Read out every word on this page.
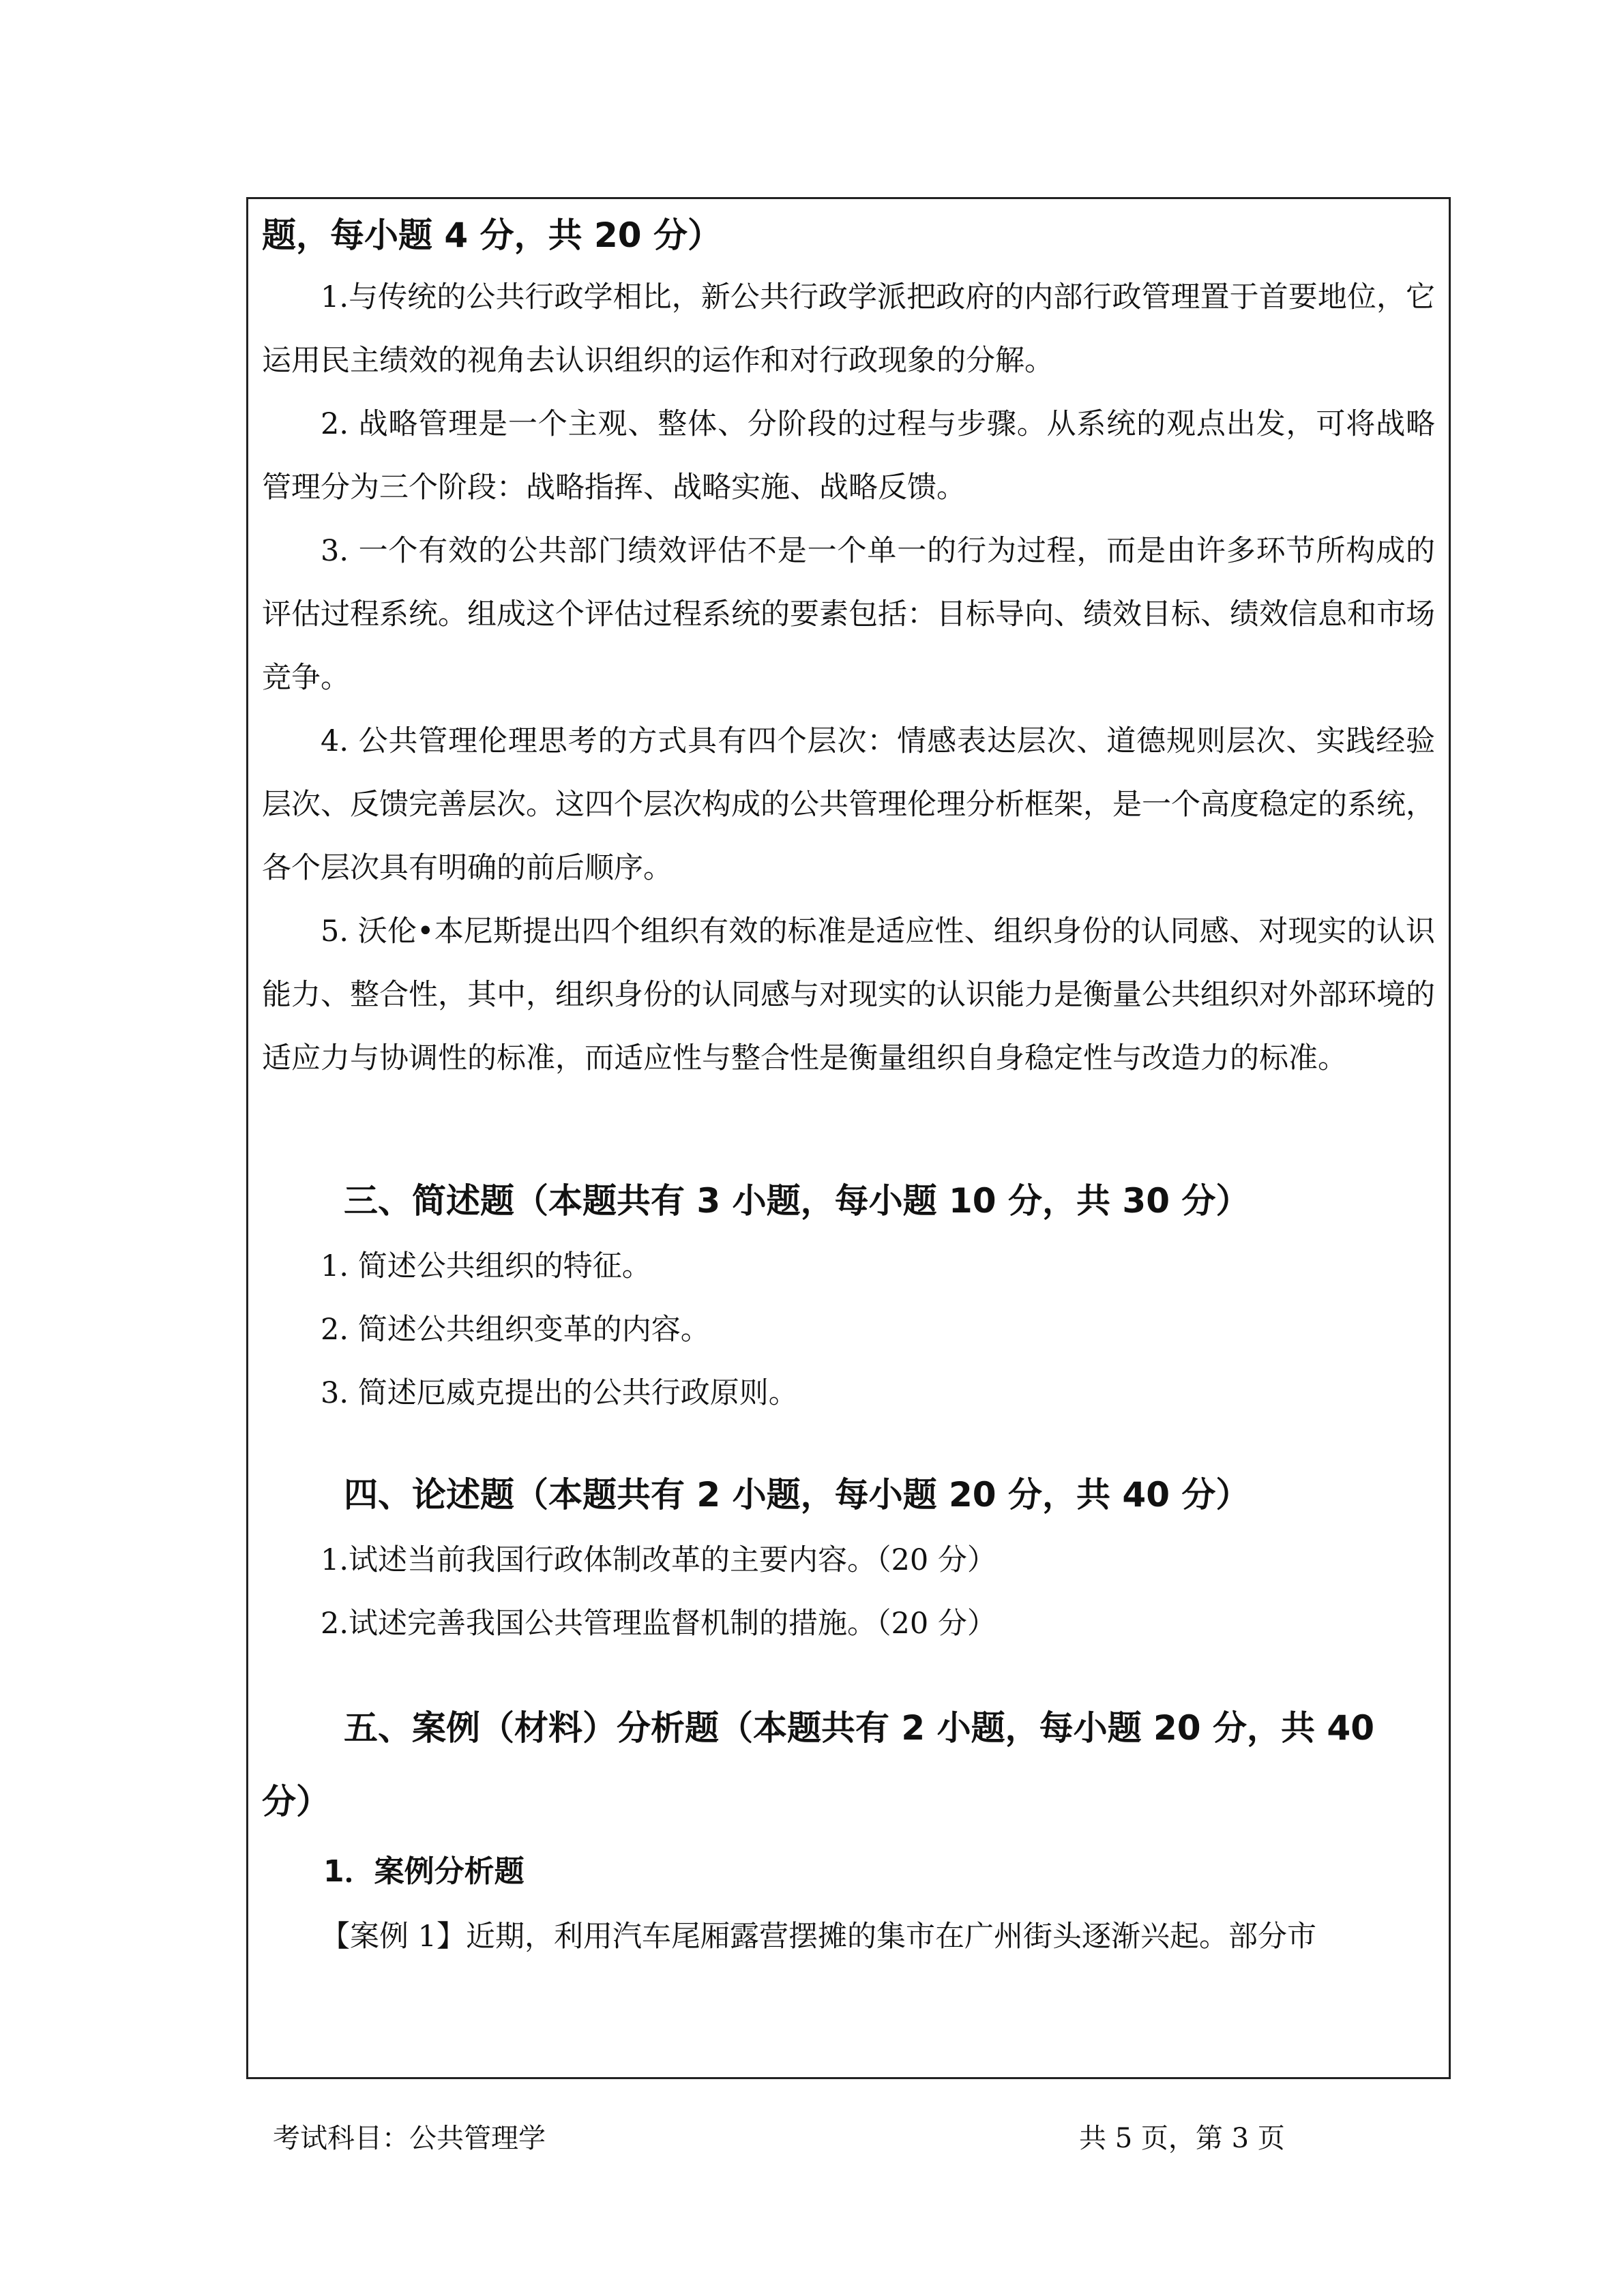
题，每小题 4 分，共 20 分）

1.与传统的公共行政学相比，新公共行政学派把政府的内部行政管理置于首要地位，它运用民主绩效的视角去认识组织的运作和对行政现象的分解。

2. 战略管理是一个主观、整体、分阶段的过程与步骤。从系统的观点出发，可将战略管理分为三个阶段：战略指挥、战略实施、战略反馈。

3. 一个有效的公共部门绩效评估不是一个单一的行为过程，而是由许多环节所构成的评估过程系统。组成这个评估过程系统的要素包括：目标导向、绩效目标、绩效信息和市场竞争。

4. 公共管理伦理思考的方式具有四个层次：情感表达层次、道德规则层次、实践经验层次、反馈完善层次。这四个层次构成的公共管理伦理分析框架，是一个高度稳定的系统，各个层次具有明确的前后顺序。

5. 沃伦•本尼斯提出四个组织有效的标准是适应性、组织身份的认同感、对现实的认识能力、整合性，其中，组织身份的认同感与对现实的认识能力是衡量公共组织对外部环境的适应力与协调性的标准，而适应性与整合性是衡量组织自身稳定性与改造力的标准。

三、简述题（本题共有 3 小题，每小题 10 分，共 30 分）

1. 简述公共组织的特征。

2. 简述公共组织变革的内容。

3. 简述厄威克提出的公共行政原则。

四、论述题（本题共有 2 小题，每小题 20 分，共 40 分）

1.试述当前我国行政体制改革的主要内容。（20 分）

2.试述完善我国公共管理监督机制的措施。（20 分）

五、案例（材料）分析题（本题共有 2 小题，每小题 20 分，共 40 分）

1．案例分析题

【案例 1】近期，利用汽车尾厢露营摆摊的集市在广州街头逐渐兴起。部分市

考试科目：公共管理学	共 5 页，第 3 页
